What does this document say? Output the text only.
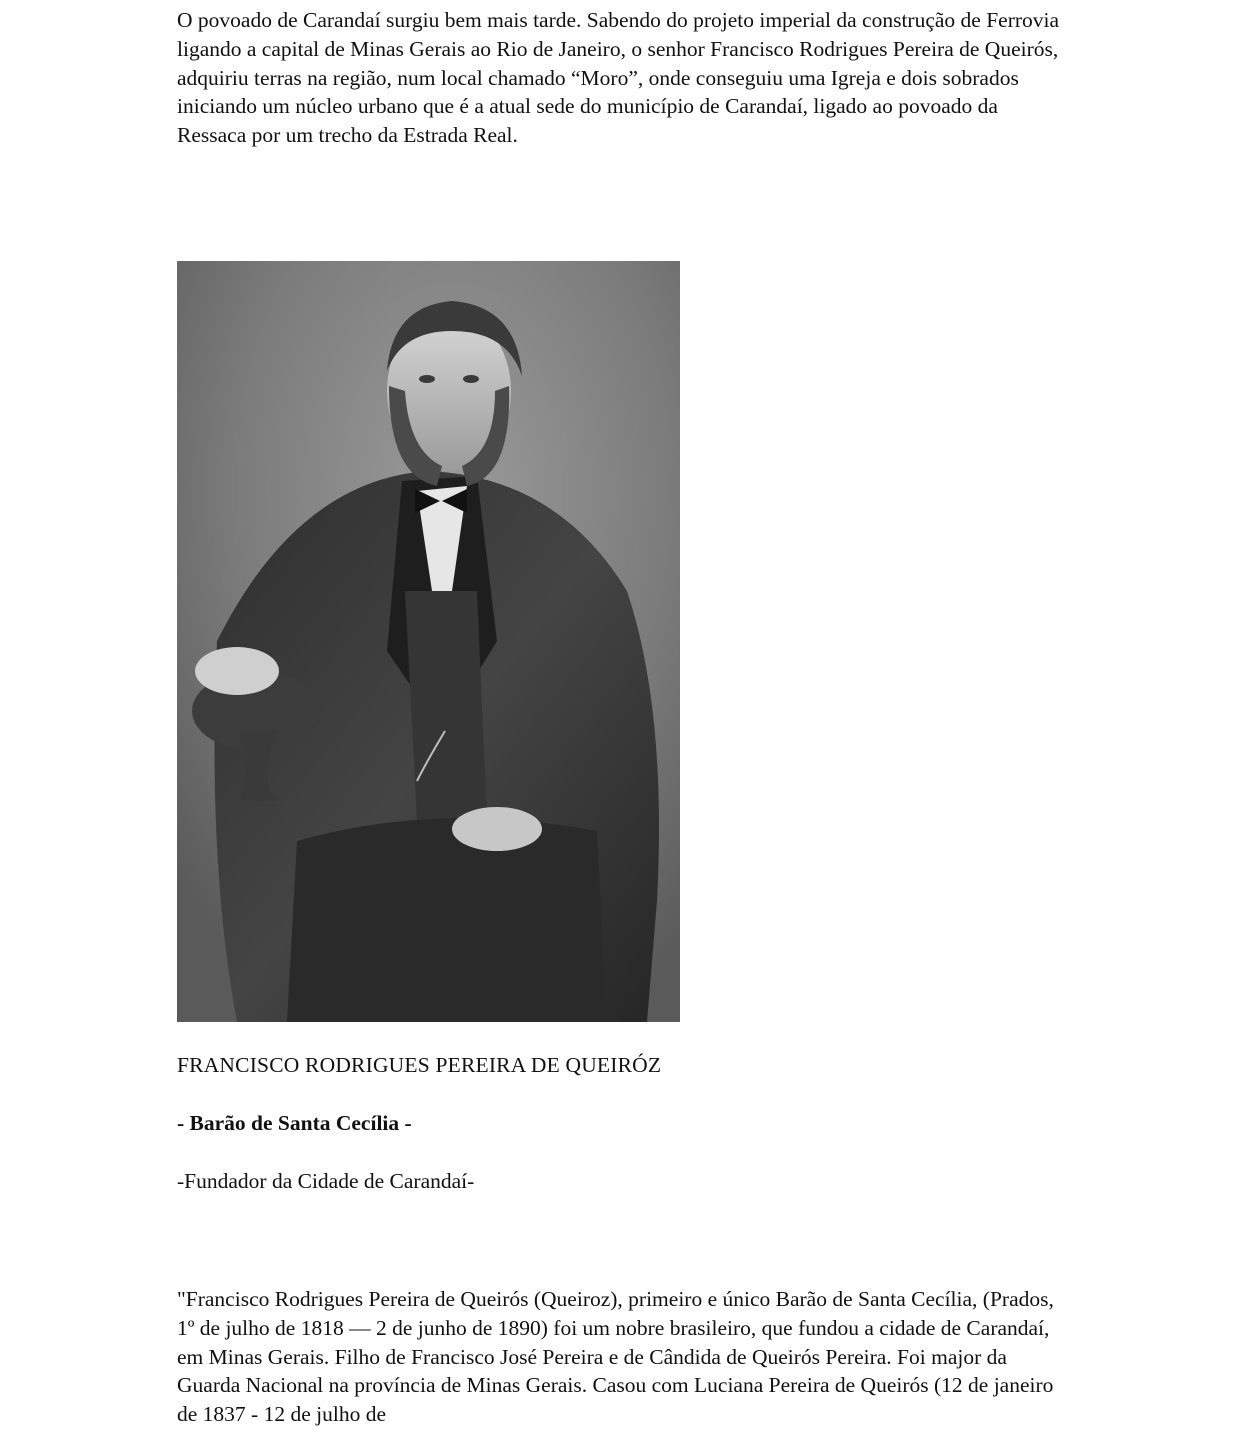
O povoado de Carandaí surgiu bem mais tarde. Sabendo do projeto imperial da construção de Ferrovia ligando a capital de Minas Gerais ao Rio de Janeiro, o senhor Francisco Rodrigues Pereira de Queirós, adquiriu terras na região, num local chamado “Moro”, onde conseguiu uma Igreja e dois sobrados iniciando um núcleo urbano que é a atual sede do município de Carandaí, ligado ao povoado da Ressaca por um trecho da Estrada Real.

FRANCISCO RODRIGUES PEREIRA DE QUEIRÓZ

- Barão de Santa Cecília -

-Fundador da Cidade de Carandaí-

"Francisco Rodrigues Pereira de Queirós (Queiroz), primeiro e único Barão de Santa Cecília, (Prados, 1º de julho de 1818 — 2 de junho de 1890) foi um nobre brasileiro, que fundou a cidade de Carandaí, em Minas Gerais. Filho de Francisco José Pereira e de Cândida de Queirós Pereira. Foi major da Guarda Nacional na província de Minas Gerais. Casou com Luciana Pereira de Queirós (12 de janeiro de 1837 - 12 de julho de
